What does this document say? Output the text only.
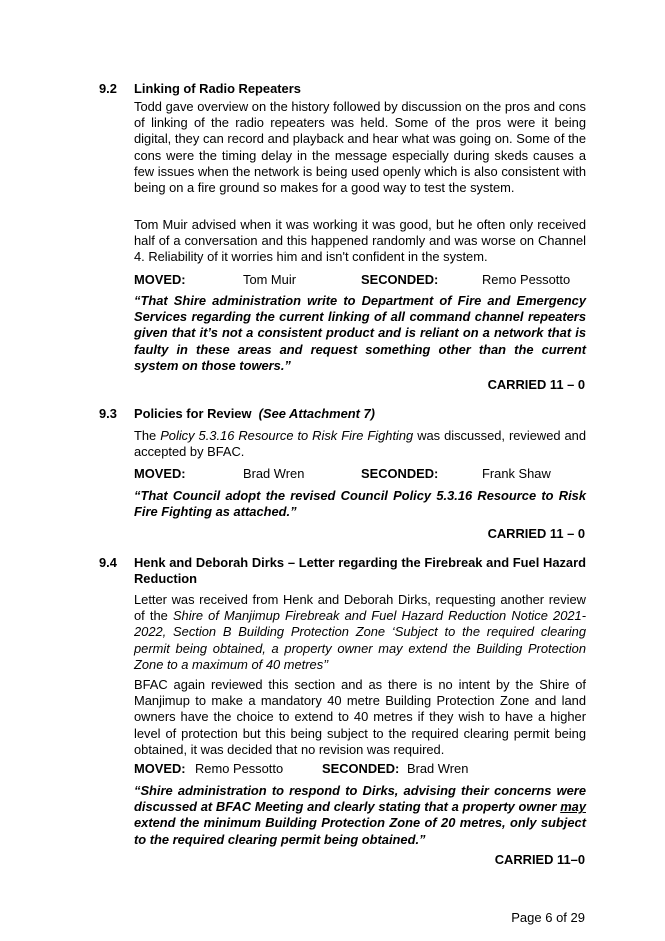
9.2 Linking of Radio Repeaters
Todd gave overview on the history followed by discussion on the pros and cons of linking of the radio repeaters was held. Some of the pros were it being digital, they can record and playback and hear what was going on. Some of the cons were the timing delay in the message especially during skeds causes a few issues when the network is being used openly which is also consistent with being on a fire ground so makes for a good way to test the system.
Tom Muir advised when it was working it was good, but he often only received half of a conversation and this happened randomly and was worse on Channel 4. Reliability of it worries him and isn't confident in the system.
MOVED:	Tom Muir	SECONDED:	Remo Pessotto
“That Shire administration write to Department of Fire and Emergency Services regarding the current linking of all command channel repeaters given that it’s not a consistent product and is reliant on a network that is faulty in these areas and request something other than the current system on those towers.”
CARRIED 11 – 0
9.3 Policies for Review (See Attachment 7)
The Policy 5.3.16 Resource to Risk Fire Fighting was discussed, reviewed and accepted by BFAC.
MOVED:	Brad Wren	SECONDED:	Frank Shaw
“That Council adopt the revised Council Policy 5.3.16 Resource to Risk Fire Fighting as attached.”
CARRIED 11 – 0
9.4 Henk and Deborah Dirks – Letter regarding the Firebreak and Fuel Hazard Reduction
Letter was received from Henk and Deborah Dirks, requesting another review of the Shire of Manjimup Firebreak and Fuel Hazard Reduction Notice 2021-2022, Section B Building Protection Zone ‘Subject to the required clearing permit being obtained, a property owner may extend the Building Protection Zone to a maximum of 40 metres’’
BFAC again reviewed this section and as there is no intent by the Shire of Manjimup to make a mandatory 40 metre Building Protection Zone and land owners have the choice to extend to 40 metres if they wish to have a higher level of protection but this being subject to the required clearing permit being obtained, it was decided that no revision was required.
MOVED: Remo Pessotto	SECONDED: Brad Wren
“Shire administration to respond to Dirks, advising their concerns were discussed at BFAC Meeting and clearly stating that a property owner may extend the minimum Building Protection Zone of 20 metres, only subject to the required clearing permit being obtained.”
CARRIED 11–0
Page 6 of 29
